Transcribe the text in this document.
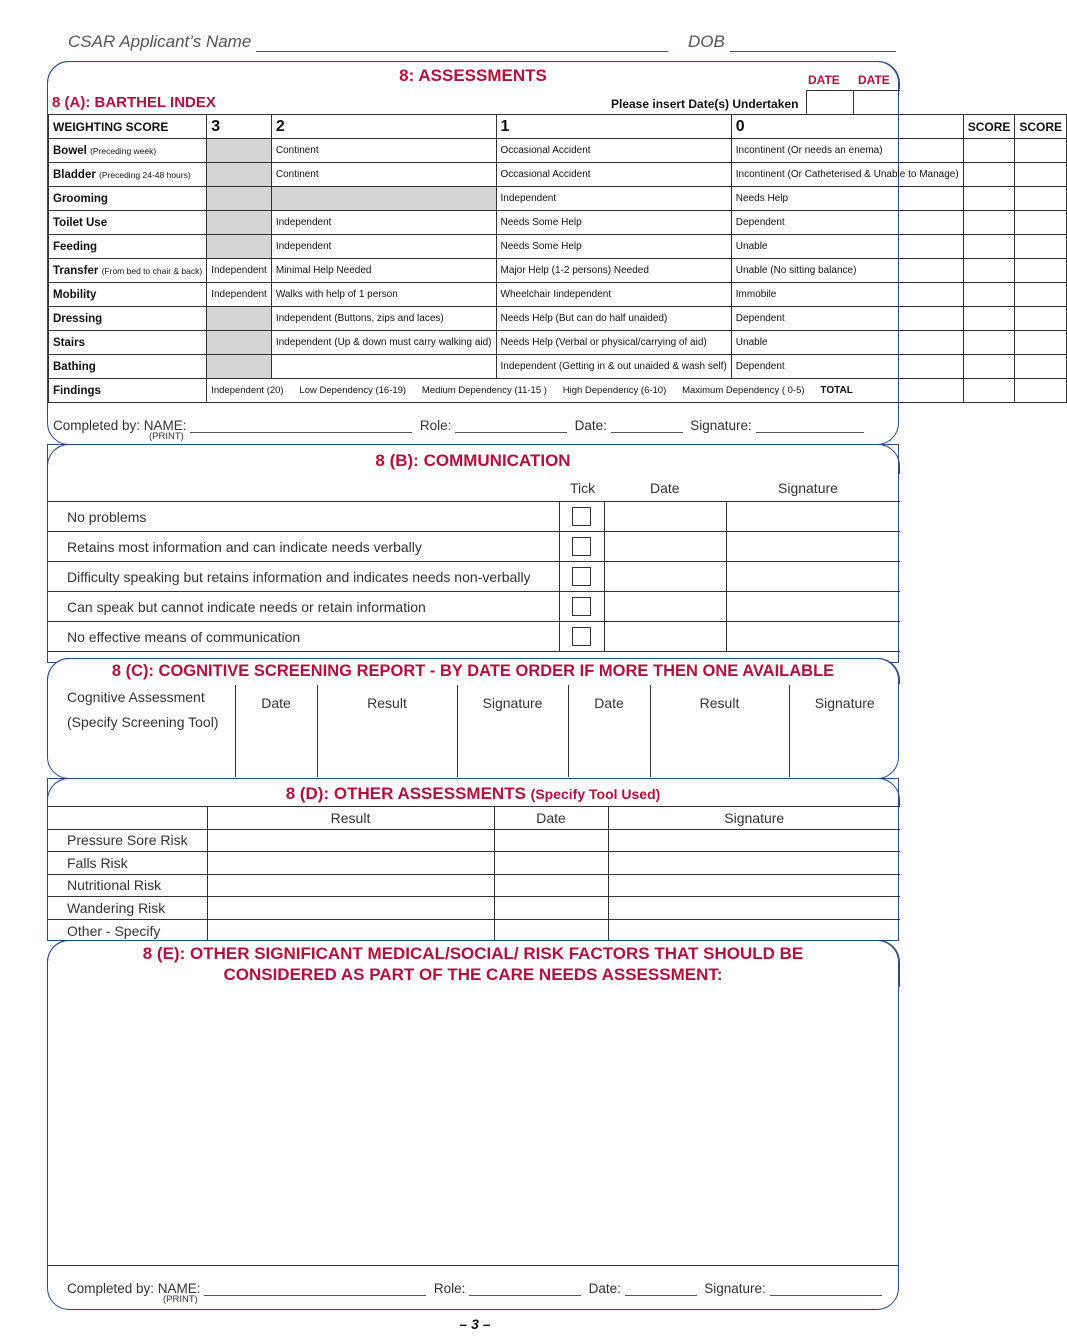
CSAR Applicant’s Name	DOB
8: ASSESSMENTS	DATE DATE
8 (A): BARTHEL INDEX	Please insert Date(s) Undertaken
WEIGHTING SCORE	3	2	1	0	SCORE	SCORE
Bowel (Preceding week)		Continent	Occasional Accident	Incontinent (Or needs an enema)		
Bladder (Preceding 24-48 hours)		Continent	Occasional Accident	Incontinent (Or Catheterised & Unable to Manage)		
Grooming			Independent	Needs Help		
Toilet Use		Independent	Needs Some Help	Dependent		
Feeding		Independent	Needs Some Help	Unable		
Transfer (From bed to chair & back)	Independent	Minimal Help Needed	Major Help (1-2 persons) Needed	Unable (No sitting balance)		
Mobility	Independent	Walks with help of 1 person	Wheelchair Iindependent	Immobile		
Dressing		Independent (Buttons, zips and laces)	Needs Help (But can do half unaided)	Dependent		
Stairs		Independent (Up & down must carry walking aid)	Needs Help (Verbal or physical/carrying of aid)	Unable		
Bathing			Independent (Getting in & out unaided & wash self)	Dependent		
Findings	Independent (20)      Low Dependency (16-19)      Medium Dependency (11-15 )      High Dependency (6-10)      Maximum Dependency ( 0-5) TOTAL					
Completed by: NAME:	Role:	Date:	Signature:
(PRINT)
8 (B): COMMUNICATION
Tick	Date	Signature
No problems			
Retains most information and can indicate needs verbally			
Difficulty speaking but retains information and indicates needs non-verbally			
Can speak but cannot indicate needs or retain information			
No effective means of communication			
8 (C): COGNITIVE SCREENING REPORT - BY DATE ORDER IF MORE THEN ONE AVAILABLE
Cognitive Assessment
(Specify Screening Tool)
	Date	Result	Signature	Date	Result	Signature
8 (D): OTHER ASSESSMENTS (Specify Tool Used)
	Result	Date	Signature
Pressure Sore Risk			
Falls Risk			
Nutritional Risk			
Wandering Risk			
Other - Specify			
8 (E): OTHER SIGNIFICANT MEDICAL/SOCIAL/ RISK FACTORS THAT SHOULD BE
CONSIDERED AS PART OF THE CARE NEEDS ASSESSMENT:
Completed by: NAME:	Role:	Date:	Signature:
(PRINT)
– 3 –
